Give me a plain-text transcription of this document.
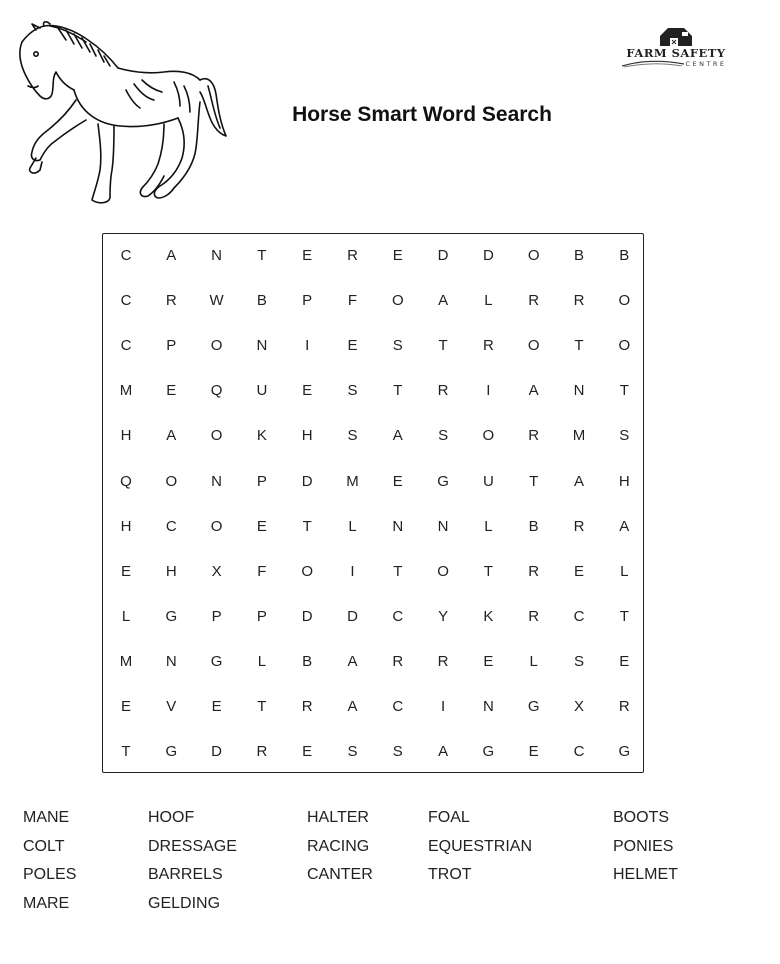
FARM SAFETY
CENTRE
Horse Smart Word Search
C	A	N	T	E	R	E	D	D	O	B	B
C	R	W	B	P	F	O	A	L	R	R	O
C	P	O	N	I	E	S	T	R	O	T	O
M	E	Q	U	E	S	T	R	I	A	N	T
H	A	O	K	H	S	A	S	O	R	M	S
Q	O	N	P	D	M	E	G	U	T	A	H
H	C	O	E	T	L	N	N	L	B	R	A
E	H	X	F	O	I	T	O	T	R	E	L
L	G	P	P	D	D	C	Y	K	R	C	T
M	N	G	L	B	A	R	R	E	L	S	E
E	V	E	T	R	A	C	I	N	G	X	R
T	G	D	R	E	S	S	A	G	E	C	G
MANE
COLT
POLES
MARE
HOOF
DRESSAGE
BARRELS
GELDING
HALTER
RACING
CANTER
FOAL
EQUESTRIAN
TROT
BOOTS
PONIES
HELMET
